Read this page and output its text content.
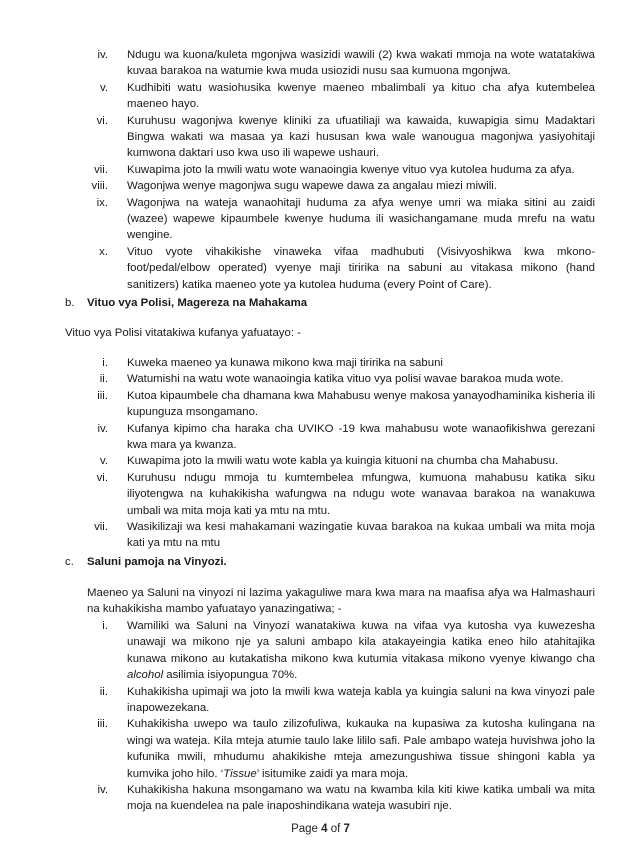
iv. Ndugu wa kuona/kuleta mgonjwa wasizidi wawili (2) kwa wakati mmoja na wote watatakiwa kuvaa barakoa na watumie kwa muda usiozidi nusu saa kumuona mgonjwa.
v. Kudhibiti watu wasiohusika kwenye maeneo mbalimbali ya kituo cha afya kutembelea maeneo hayo.
vi. Kuruhusu wagonjwa kwenye kliniki za ufuatiliaji wa kawaida, kuwapigia simu Madaktari Bingwa wakati wa masaa ya kazi hususan kwa wale wanougua magonjwa yasiyohitaji kumwona daktari uso kwa uso ili wapewe ushauri.
vii. Kuwapima joto la mwili watu wote wanaoingia kwenye vituo vya kutolea huduma za afya.
viii. Wagonjwa wenye magonjwa sugu wapewe dawa za angalau miezi miwili.
ix. Wagonjwa na wateja wanaohitaji huduma za afya wenye umri wa miaka sitini au zaidi (wazee) wapewe kipaumbele kwenye huduma ili wasichangamane muda mrefu na watu wengine.
x. Vituo vyote vihakikishe vinaweka vifaa madhubuti (Visivyoshikwa kwa mkono-foot/pedal/elbow operated) vyenye maji tiririka na sabuni au vitakasa mikono (hand sanitizers) katika maeneo yote ya kutolea huduma (every Point of Care).
b. Vituo vya Polisi, Magereza na Mahakama
Vituo vya Polisi vitatakiwa kufanya yafuatayo: -
i. Kuweka maeneo ya kunawa mikono kwa maji tiririka na sabuni
ii. Watumishi na watu wote wanaoingia katika vituo vya polisi wavae barakoa muda wote.
iii. Kutoa kipaumbele cha dhamana kwa Mahabusu wenye makosa yanayodhaminika kisheria ili kupunguza msongamano.
iv. Kufanya kipimo cha haraka cha UVIKO -19 kwa mahabusu wote wanaofikishwa gerezani kwa mara ya kwanza.
v. Kuwapima joto la mwili watu wote kabla ya kuingia kituoni na chumba cha Mahabusu.
vi. Kuruhusu ndugu mmoja tu kumtembelea mfungwa, kumuona mahabusu katika siku iliyotengwa na kuhakikisha wafungwa na ndugu wote wanavaa barakoa na wanakuwa umbali wa mita moja kati ya mtu na mtu.
vii. Wasikilizaji wa kesi mahakamani wazingatie kuvaa barakoa na kukaa umbali wa mita moja kati ya mtu na mtu
c. Saluni pamoja na Vinyozi.
Maeneo ya Saluni na vinyozi ni lazima yakaguliwe mara kwa mara na maafisa afya wa Halmashauri na kuhakikisha mambo yafuatayo yanazingatiwa; -
i. Wamiliki wa Saluni na Vinyozi wanatakiwa kuwa na vifaa vya kutosha vya kuwezesha unawaji wa mikono nje ya saluni ambapo kila atakayeingia katika eneo hilo atahitajika kunawa mikono au kutakatisha mikono kwa kutumia vitakasa mikono vyenye kiwango cha alcohol asilimia isiyopungua 70%.
ii. Kuhakikisha upimaji wa joto la mwili kwa wateja kabla ya kuingia saluni na kwa vinyozi pale inapowezekana.
iii. Kuhakikisha uwepo wa taulo zilizofuliwa, kukauka na kupasiwa za kutosha kulingana na wingi wa wateja. Kila mteja atumie taulo lake lililo safi. Pale ambapo wateja huvishwa joho la kufunika mwili, mhudumu ahakikishe mteja amezungushiwa tissue shingoni kabla ya kumvika joho hilo. ‘Tissue’ isitumike zaidi ya mara moja.
iv. Kuhakikisha hakuna msongamano wa watu na kwamba kila kiti kiwe katika umbali wa mita moja na kuendelea na pale inaposhindikana wateja wasubiri nje.
Page 4 of 7
